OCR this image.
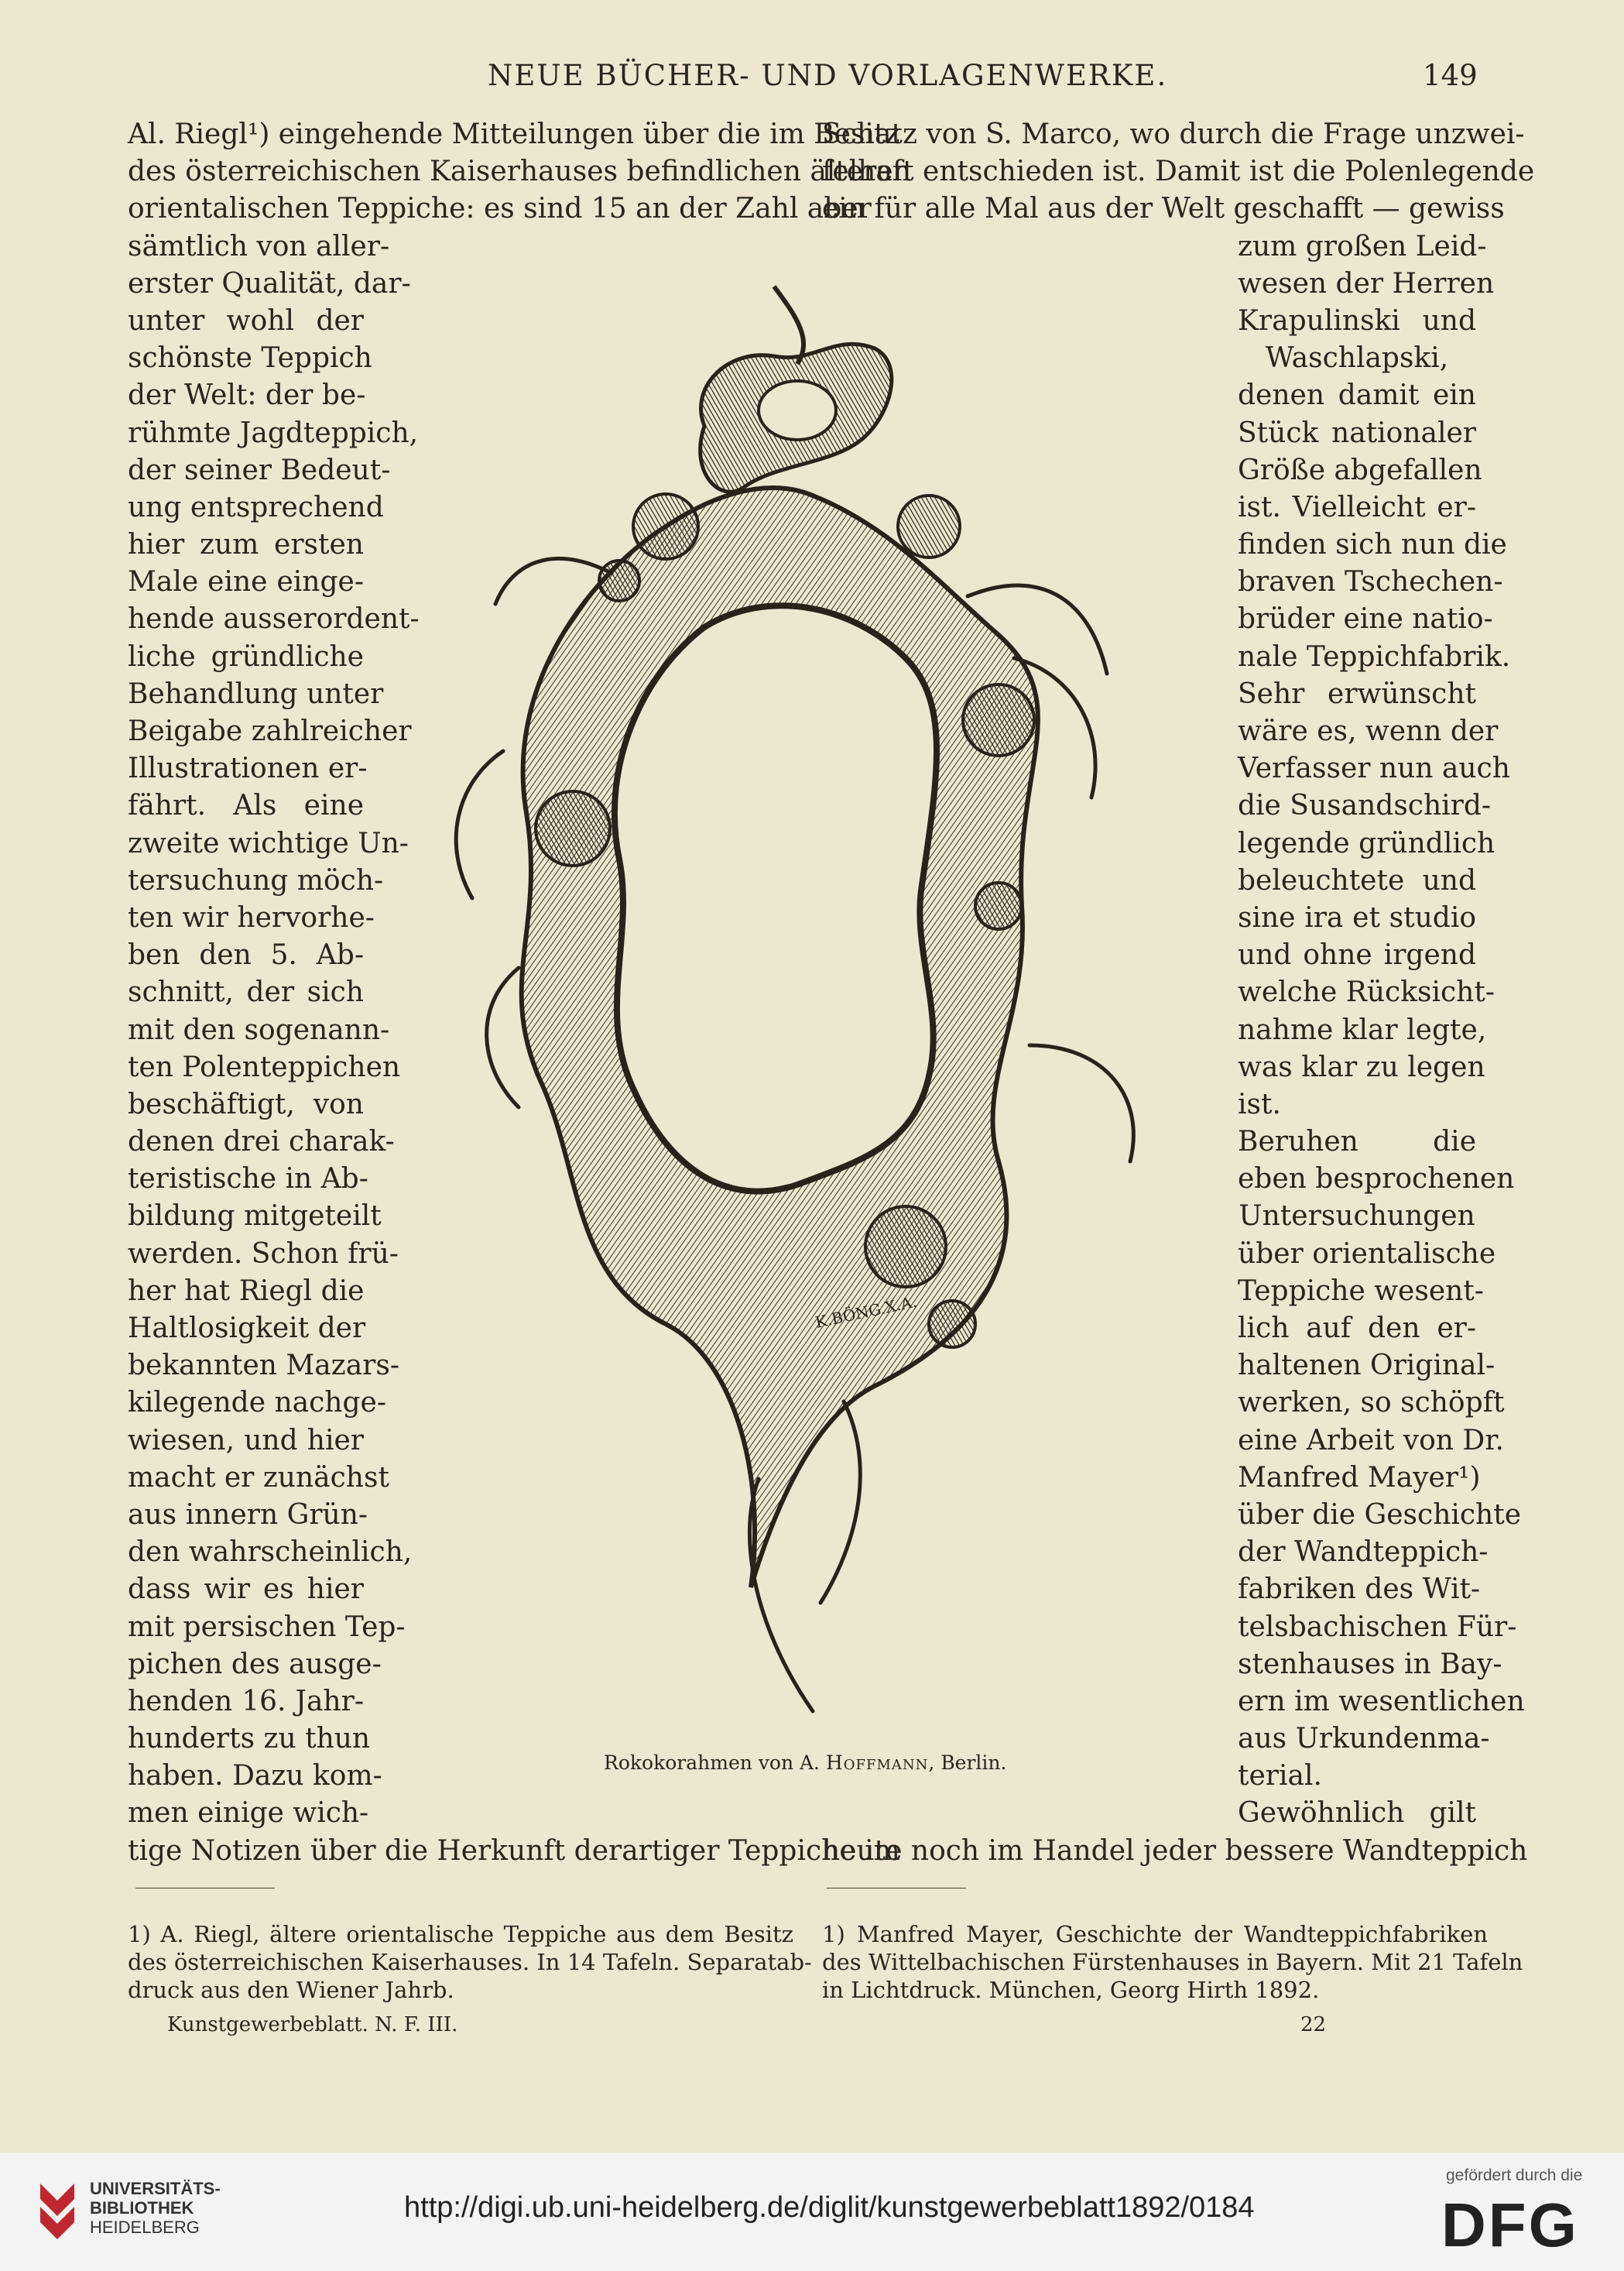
NEUE BÜCHER- UND VORLAGENWERKE.	149
Al. Riegl¹) eingehende Mitteilungen über die im Besitz
des österreichischen Kaiserhauses befindlichen älteren
orientalischen Teppiche: es sind 15 an der Zahl aber
sämtlich von aller-
erster Qualität, dar-
unter wohl der
schönste Teppich
der Welt: der be-
rühmte Jagdteppich,
der seiner Bedeut-
ung entsprechend
hier zum ersten
Male eine einge-
hende ausserordent-
liche gründliche
Behandlung unter
Beigabe zahlreicher
Illustrationen er-
fährt. Als eine
zweite wichtige Un-
tersuchung möch-
ten wir hervorhe-
ben den 5. Ab-
schnitt, der sich
mit den sogenann-
ten Polenteppichen
beschäftigt, von
denen drei charak-
teristische in Ab-
bildung mitgeteilt
werden. Schon frü-
her hat Riegl die
Haltlosigkeit der
bekannten Mazars-
kilegende nachge-
wiesen, und hier
macht er zunächst
aus innern Grün-
den wahrscheinlich,
dass wir es hier
mit persischen Tep-
pichen des ausge-
henden 16. Jahr-
hunderts zu thun
haben. Dazu kom-
men einige wich-
tige Notizen über die Herkunft derartiger Teppiche im
Schatz von S. Marco, wo durch die Frage unzwei-
felhaft entschieden ist. Damit ist die Polenlegende
ein für alle Mal aus der Welt geschafft — gewiss
zum großen Leid-
wesen der Herren
Krapulinski und
Waschlapski,
denen damit ein
Stück nationaler
Größe abgefallen
ist. Vielleicht er-
finden sich nun die
braven Tschechen-
brüder eine natio-
nale Teppichfabrik.
Sehr erwünscht
wäre es, wenn der
Verfasser nun auch
die Susandschird-
legende gründlich
beleuchtete und
sine ira et studio
und ohne irgend
welche Rücksicht-
nahme klar legte,
was klar zu legen
ist.
Beruhen die
eben besprochenen
Untersuchungen
über orientalische
Teppiche wesent-
lich auf den er-
haltenen Original-
werken, so schöpft
eine Arbeit von Dr.
Manfred Mayer¹)
über die Geschichte
der Wandteppich-
fabriken des Wit-
telsbachischen Für-
stenhauses in Bay-
ern im wesentlichen
aus Urkundenma-
terial.
Gewöhnlich gilt
heute noch im Handel jeder bessere Wandteppich
K.BÖNG.X.A.
Rokokorahmen von A. Hoffmann, Berlin.
1) A. Riegl, ältere orientalische Teppiche aus dem Besitz
des österreichischen Kaiserhauses. In 14 Tafeln. Separatab-
druck aus den Wiener Jahrb.
1) Manfred Mayer, Geschichte der Wandteppichfabriken
des Wittelbachischen Fürstenhauses in Bayern. Mit 21 Tafeln
in Lichtdruck. München, Georg Hirth 1892.
Kunstgewerbeblatt. N. F. III.	22
UNIVERSITÄTS-
BIBLIOTHEK
HEIDELBERG
http://digi.ub.uni-heidelberg.de/diglit/kunstgewerbeblatt1892/0184
gefördert durch die
DFG
